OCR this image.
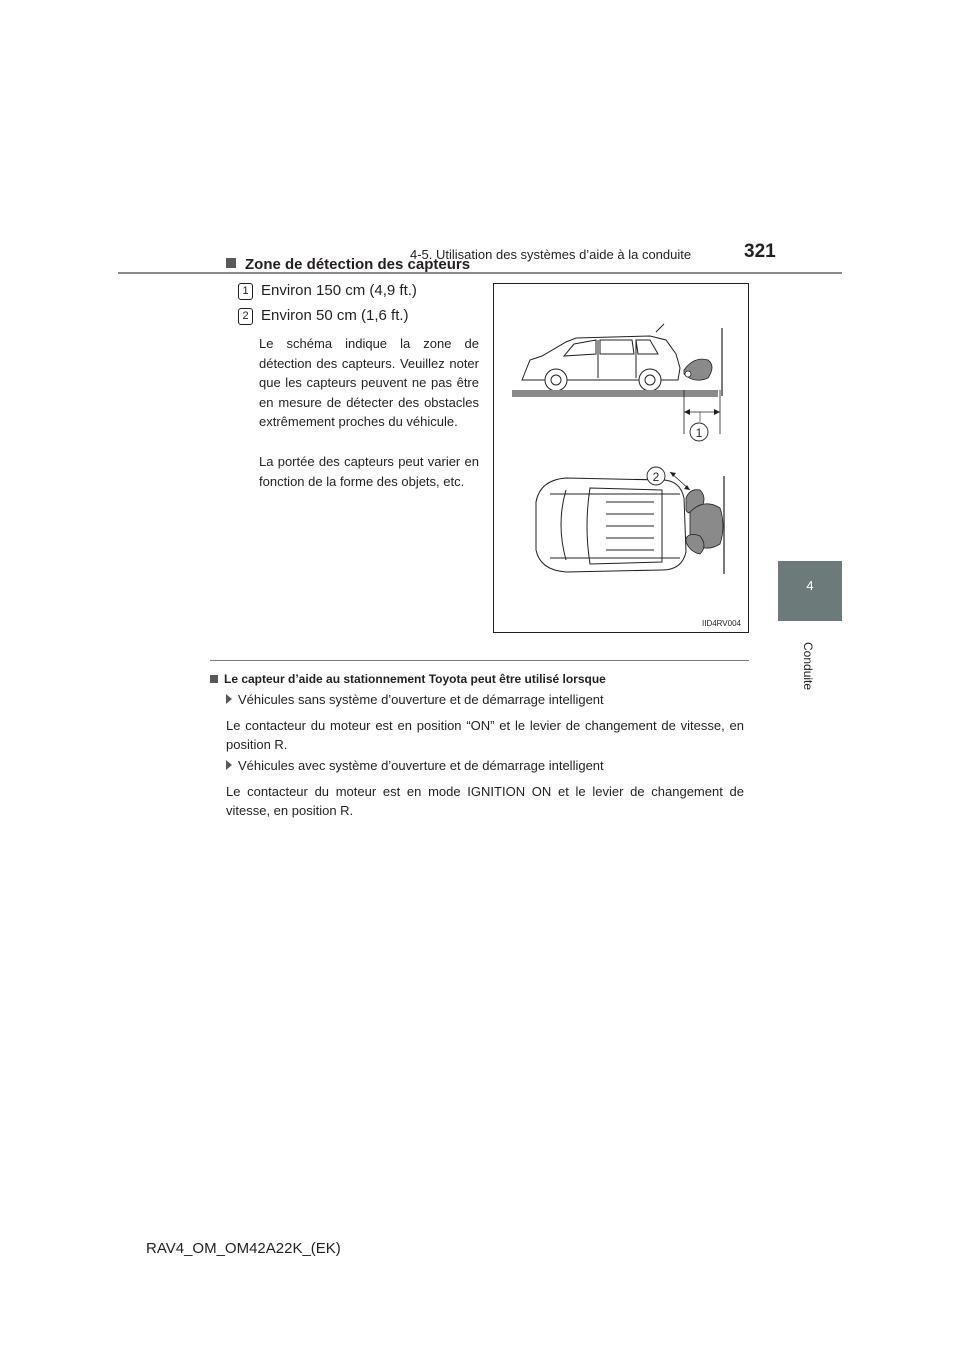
4-5. Utilisation des systèmes d’aide à la conduite	321
4
Conduite
Zone de détection des capteurs
1 Environ 150 cm (4,9 ft.)
2 Environ 50 cm (1,6 ft.)
Le schéma indique la zone de détection des capteurs. Veuillez noter que les capteurs peuvent ne pas être en mesure de détecter des obstacles extrêmement proches du véhicule.
La portée des capteurs peut varier en fonction de la forme des objets, etc.
1
2
IID4RV004
Le capteur d’aide au stationnement Toyota peut être utilisé lorsque
Véhicules sans système d’ouverture et de démarrage intelligent
Le contacteur du moteur est en position “ON” et le levier de changement de vitesse, en position R.
Véhicules avec système d’ouverture et de démarrage intelligent
Le contacteur du moteur est en mode IGNITION ON et le levier de changement de vitesse, en position R.
RAV4_OM_OM42A22K_(EK)
